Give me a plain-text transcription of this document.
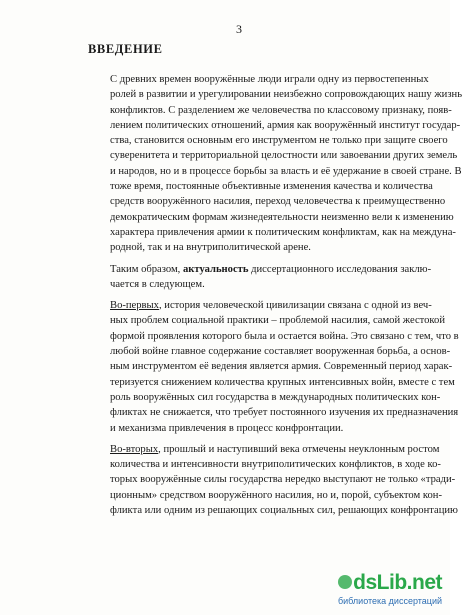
3
ВВЕДЕНИЕ
С древних времен вооружённые люди играли одну из первостепенных
ролей в развитии и урегулировании неизбежно сопровождающих нашу жизнь
конфликтов. С разделением же человечества по классовому признаку, появ-
лением политических отношений, армия как вооружённый институт государ-
ства, становится основным его инструментом не только при защите своего
суверенитета и территориальной целостности или завоевании других земель
и народов, но и в процессе борьбы за власть и её удержание в своей стране. В
тоже время, постоянные объективные изменения качества и количества
средств вооружённого насилия, переход человечества к преимущественно
демократическим формам жизнедеятельности неизменно вели к изменению
характера привлечения армии к политическим конфликтам, как на междуна-
родной, так и на внутриполитической арене.
Таким образом, актуальность диссертационного исследования заклю-
чается в следующем.
Во-первых, история человеческой цивилизации связана с одной из веч-
ных проблем социальной практики – проблемой насилия, самой жестокой
формой проявления которого была и остается война. Это связано с тем, что в
любой войне главное содержание составляет вооруженная борьба, а основ-
ным инструментом её ведения является армия. Современный период харак-
теризуется снижением количества крупных интенсивных войн, вместе с тем
роль вооружённых сил государства в международных политических кон-
фликтах не снижается, что требует постоянного изучения их предназначения
и механизма привлечения в процесс конфронтации.
Во-вторых, прошлый и наступивший века отмечены неуклонным ростом
количества и интенсивности внутриполитических конфликтов, в ходе ко-
торых вооружённые силы государства нередко выступают не только «тради-
ционным» средством вооружённого насилия, но и, порой, субъектом кон-
фликта или одним из решающих социальных сил, решающих конфронтацию
dsLib.net
библиотека диссертаций
